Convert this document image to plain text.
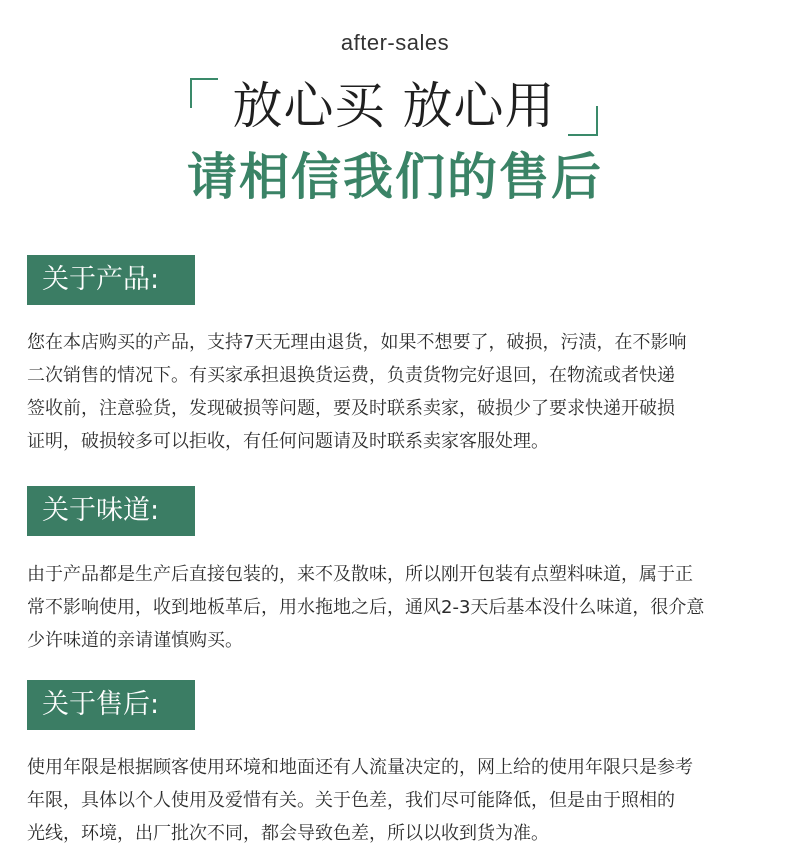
after-sales
放心买 放心用
请相信我们的售后
关于产品:
您在本店购买的产品，支持7天无理由退货，如果不想要了，破损，污渍，在不影响
二次销售的情况下。有买家承担退换货运费，负责货物完好退回，在物流或者快递
签收前，注意验货，发现破损等问题，要及时联系卖家，破损少了要求快递开破损
证明，破损较多可以拒收，有任何问题请及时联系卖家客服处理。
关于味道:
由于产品都是生产后直接包装的，来不及散味，所以刚开包装有点塑料味道，属于正
常不影响使用，收到地板革后，用水拖地之后，通风2-3天后基本没什么味道，很介意
少许味道的亲请谨慎购买。
关于售后:
使用年限是根据顾客使用环境和地面还有人流量决定的，网上给的使用年限只是参考
年限，具体以个人使用及爱惜有关。关于色差，我们尽可能降低，但是由于照相的
光线，环境，出厂批次不同，都会导致色差，所以以收到货为准。
